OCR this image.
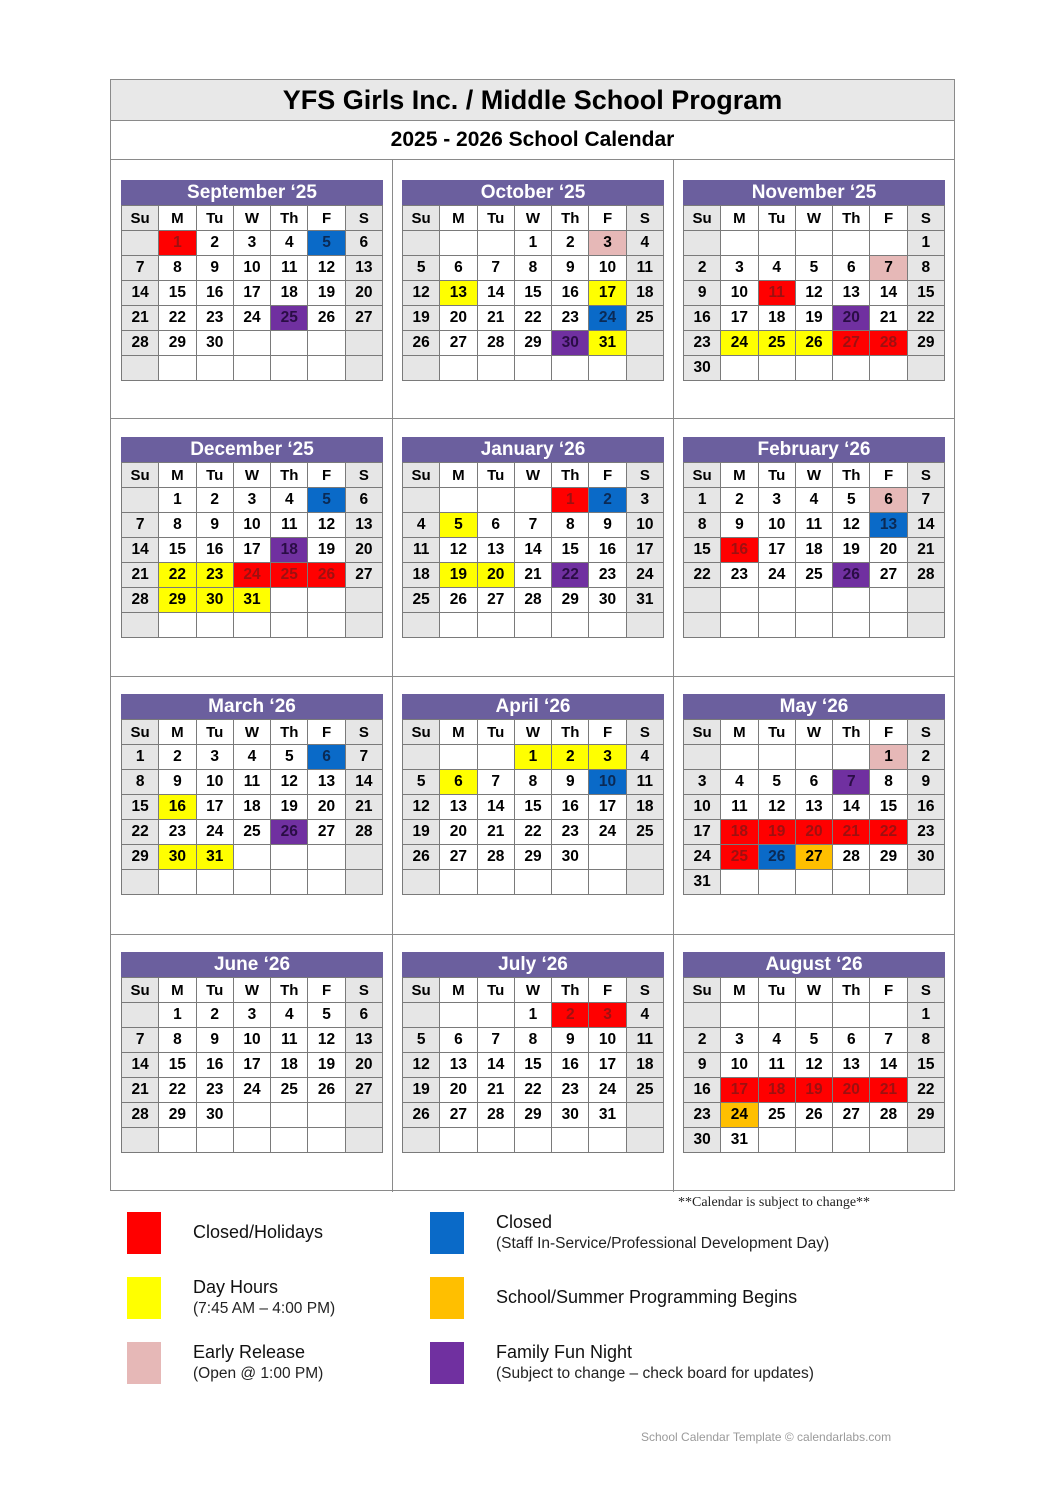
YFS Girls Inc. / Middle School Program
2025 - 2026 School Calendar
September ‘25
Su	M	Tu	W	Th	F	S
	1	2	3	4	5	6
7	8	9	10	11	12	13
14	15	16	17	18	19	20
21	22	23	24	25	26	27
28	29	30				

October ‘25
Su	M	Tu	W	Th	F	S
			1	2	3	4
5	6	7	8	9	10	11
12	13	14	15	16	17	18
19	20	21	22	23	24	25
26	27	28	29	30	31	

November ‘25
Su	M	Tu	W	Th	F	S
						1
2	3	4	5	6	7	8
9	10	11	12	13	14	15
16	17	18	19	20	21	22
23	24	25	26	27	28	29
30						
December ‘25
Su	M	Tu	W	Th	F	S
	1	2	3	4	5	6
7	8	9	10	11	12	13
14	15	16	17	18	19	20
21	22	23	24	25	26	27
28	29	30	31			

January ‘26
Su	M	Tu	W	Th	F	S
				1	2	3
4	5	6	7	8	9	10
11	12	13	14	15	16	17
18	19	20	21	22	23	24
25	26	27	28	29	30	31

February ‘26
Su	M	Tu	W	Th	F	S
1	2	3	4	5	6	7
8	9	10	11	12	13	14
15	16	17	18	19	20	21
22	23	24	25	26	27	28

March ‘26
Su	M	Tu	W	Th	F	S
1	2	3	4	5	6	7
8	9	10	11	12	13	14
15	16	17	18	19	20	21
22	23	24	25	26	27	28
29	30	31				

April ‘26
Su	M	Tu	W	Th	F	S
			1	2	3	4
5	6	7	8	9	10	11
12	13	14	15	16	17	18
19	20	21	22	23	24	25
26	27	28	29	30		

May ‘26
Su	M	Tu	W	Th	F	S
					1	2
3	4	5	6	7	8	9
10	11	12	13	14	15	16
17	18	19	20	21	22	23
24	25	26	27	28	29	30
31						
June ‘26
Su	M	Tu	W	Th	F	S
	1	2	3	4	5	6
7	8	9	10	11	12	13
14	15	16	17	18	19	20
21	22	23	24	25	26	27
28	29	30				

July ‘26
Su	M	Tu	W	Th	F	S
			1	2	3	4
5	6	7	8	9	10	11
12	13	14	15	16	17	18
19	20	21	22	23	24	25
26	27	28	29	30	31	

August ‘26
Su	M	Tu	W	Th	F	S
						1
2	3	4	5	6	7	8
9	10	11	12	13	14	15
16	17	18	19	20	21	22
23	24	25	26	27	28	29
30	31					
**Calendar is subject to change**
Closed/Holidays	Closed
(Staff In-Service/Professional Development Day)
Day Hours
(7:45 AM – 4:00 PM)
School/Summer Programming Begins
Early Release
(Open @ 1:00 PM)
Family Fun Night
(Subject to change – check board for updates)
School Calendar Template © calendarlabs.com
